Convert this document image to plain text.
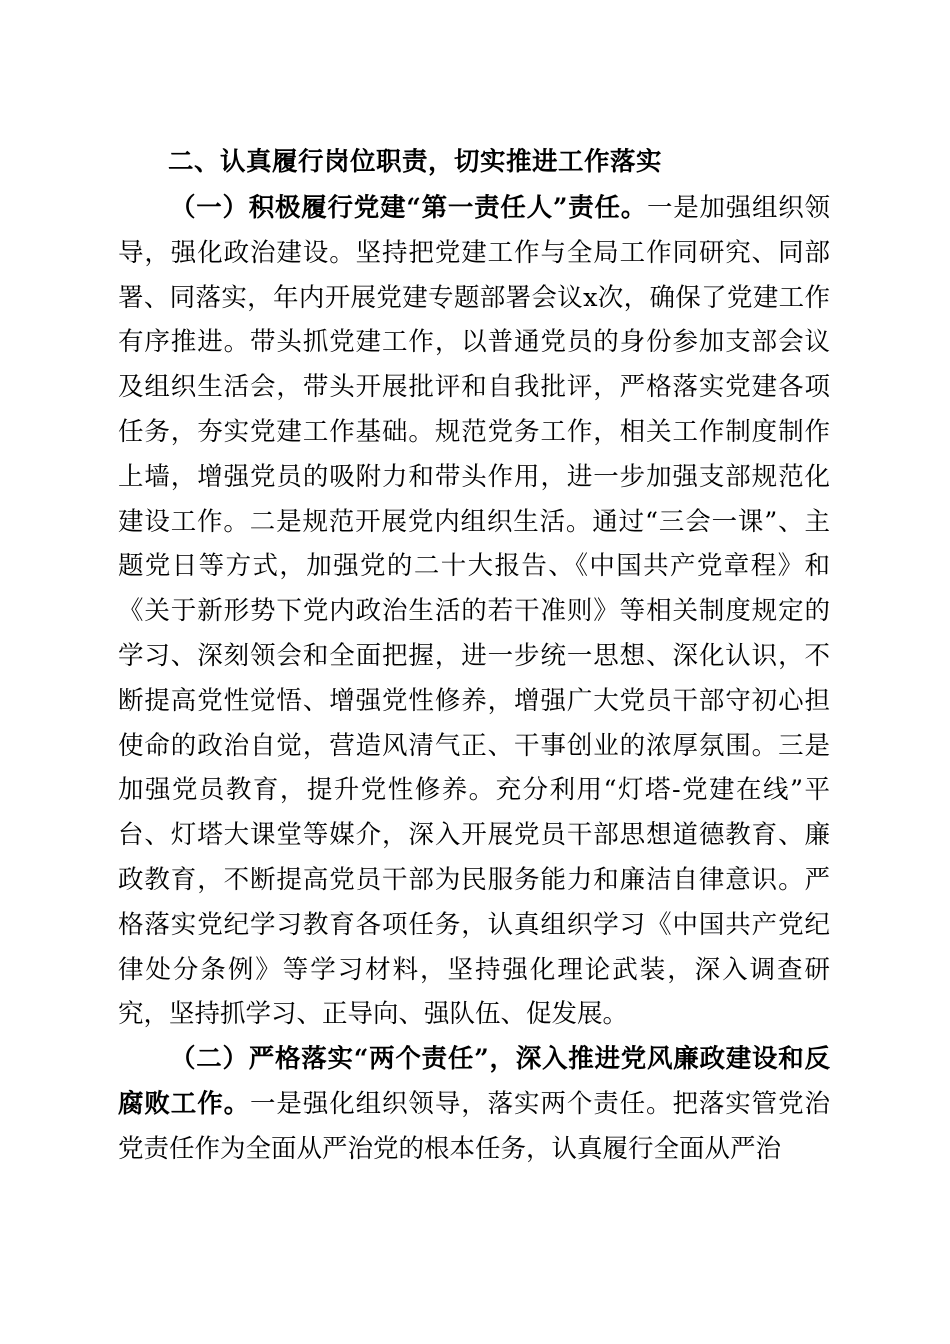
二、认真履行岗位职责，切实推进工作落实

（一）积极履行党建“第一责任人”责任。一是加强组织领导，强化政治建设。坚持把党建工作与全局工作同研究、同部署、同落实，年内开展党建专题部署会议x次，确保了党建工作有序推进。带头抓党建工作，以普通党员的身份参加支部会议及组织生活会，带头开展批评和自我批评，严格落实党建各项任务，夯实党建工作基础。规范党务工作，相关工作制度制作上墙，增强党员的吸附力和带头作用，进一步加强支部规范化建设工作。二是规范开展党内组织生活。通过“三会一课”、主题党日等方式，加强党的二十大报告、《中国共产党章程》和《关于新形势下党内政治生活的若干准则》等相关制度规定的学习、深刻领会和全面把握，进一步统一思想、深化认识，不断提高党性觉悟、增强党性修养，增强广大党员干部守初心担使命的政治自觉，营造风清气正、干事创业的浓厚氛围。三是加强党员教育，提升党性修养。充分利用“灯塔-党建在线”平台、灯塔大课堂等媒介，深入开展党员干部思想道德教育、廉政教育，不断提高党员干部为民服务能力和廉洁自律意识。严格落实党纪学习教育各项任务，认真组织学习《中国共产党纪律处分条例》等学习材料，坚持强化理论武装，深入调查研究，坚持抓学习、正导向、强队伍、促发展。

（二）严格落实“两个责任”，深入推进党风廉政建设和反腐败工作。一是强化组织领导，落实两个责任。把落实管党治党责任作为全面从严治党的根本任务，认真履行全面从严治
